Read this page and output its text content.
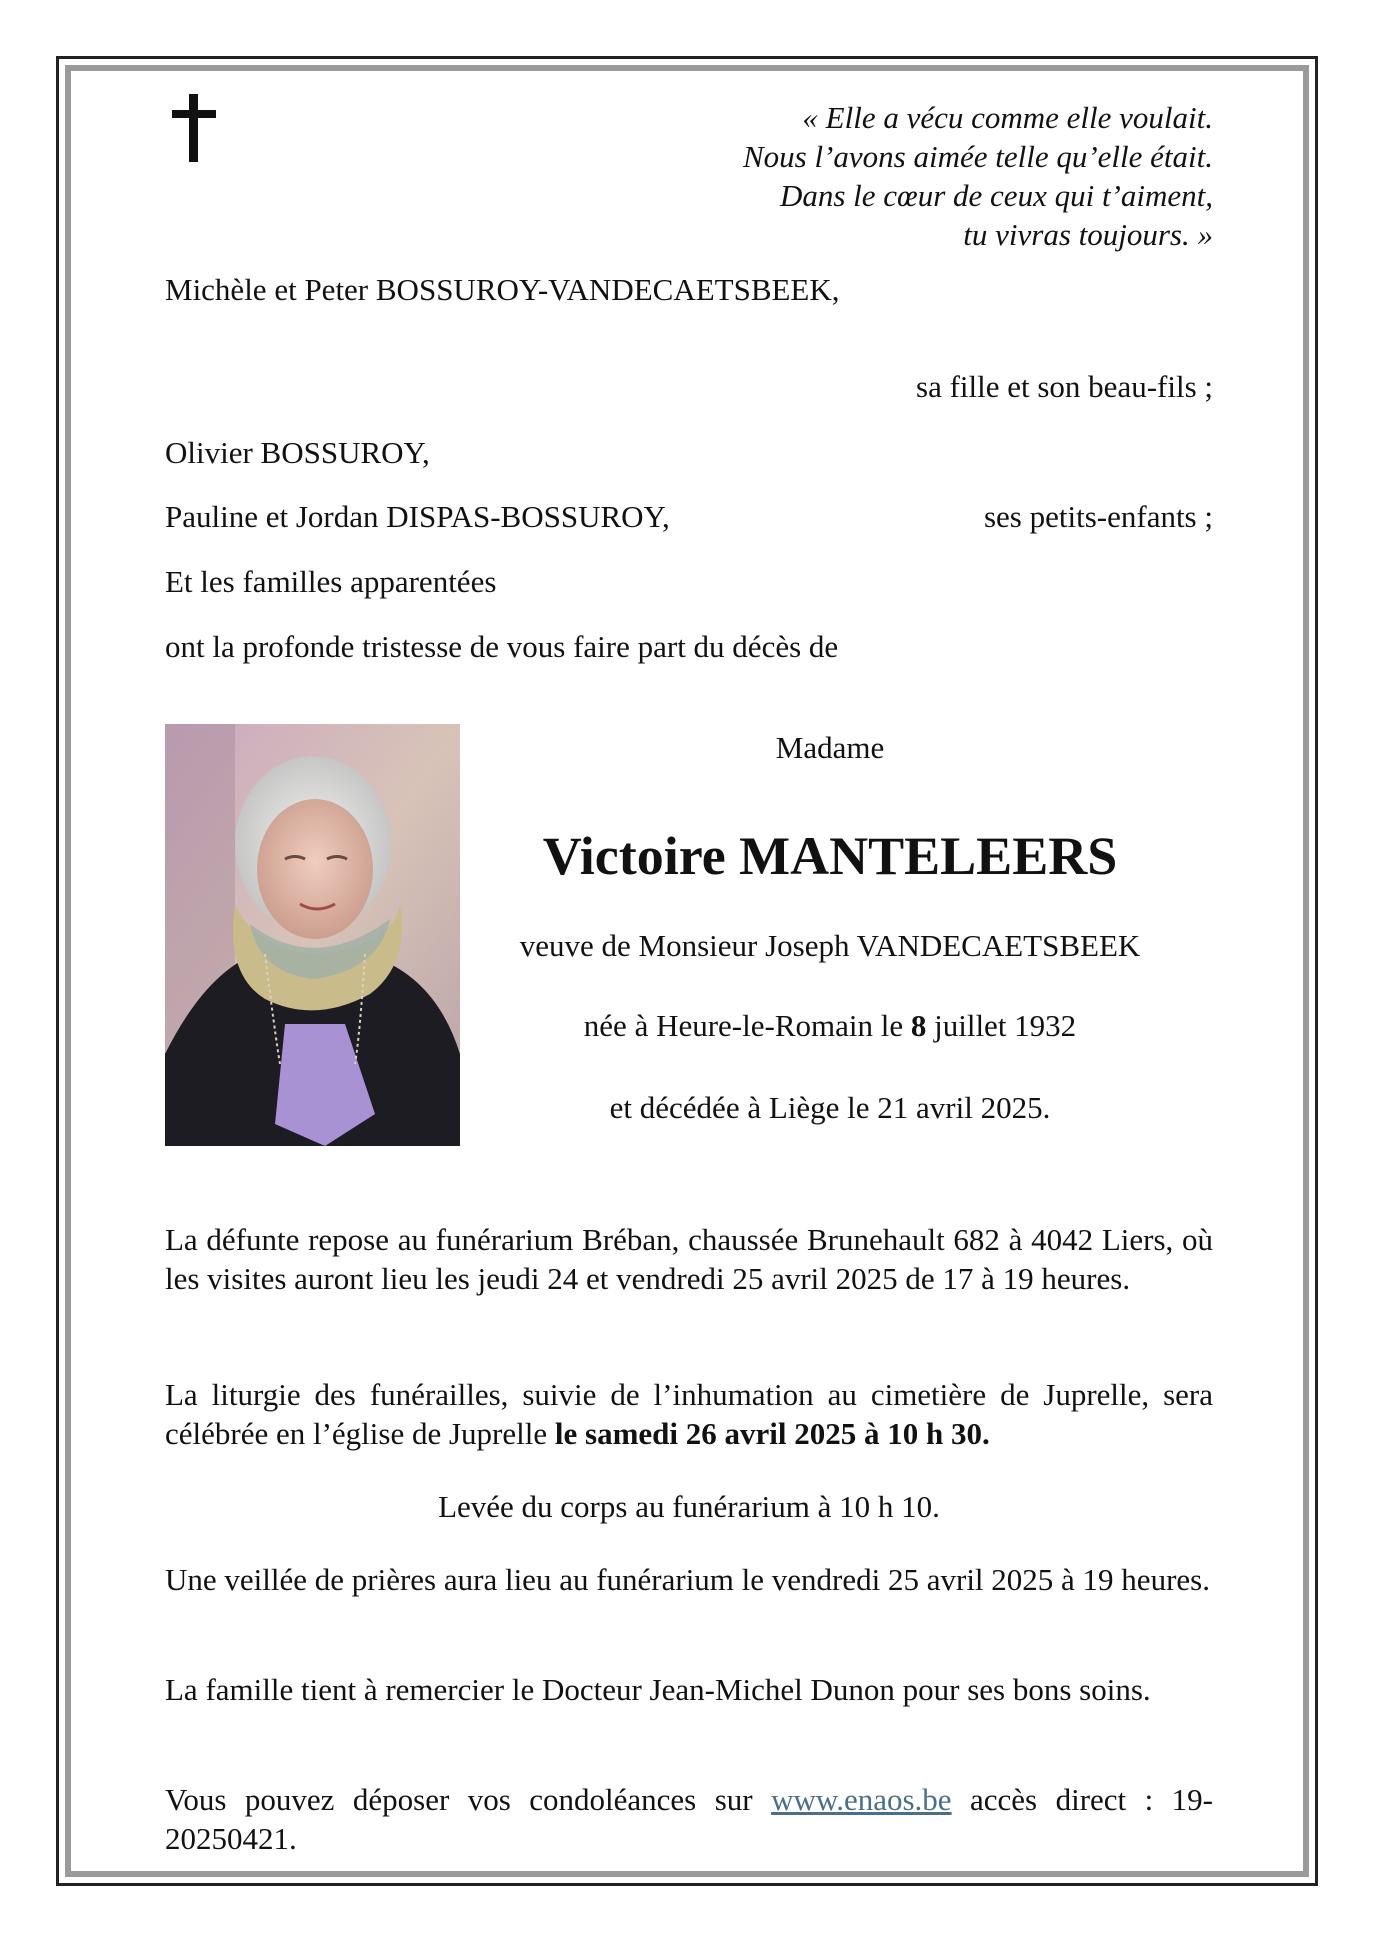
« Elle a vécu comme elle voulait.
Nous l’avons aimée telle qu’elle était.
Dans le cœur de ceux qui t’aiment,
tu vivras toujours. »
Michèle et Peter BOSSUROY-VANDECAETSBEEK,
sa fille et son beau-fils ;
Olivier BOSSUROY,
Pauline et Jordan DISPAS-BOSSUROY,	ses petits-enfants ;
Et les familles apparentées
ont la profonde tristesse de vous faire part du décès de
Madame
Victoire MANTELEERS
veuve de Monsieur Joseph VANDECAETSBEEK
née à Heure-le-Romain le 8 juillet 1932
et décédée à Liège le 21 avril 2025.
La défunte repose au funérarium Bréban, chaussée Brunehault 682 à 4042 Liers, où les visites auront lieu les jeudi 24 et vendredi 25 avril 2025 de 17 à 19 heures.
La liturgie des funérailles, suivie de l’inhumation au cimetière de Juprelle, sera célébrée en l’église de Juprelle le samedi 26 avril 2025 à 10 h 30.
Levée du corps au funérarium à 10 h 10.
Une veillée de prières aura lieu au funérarium le vendredi 25 avril 2025 à 19 heures.
La famille tient à remercier le Docteur Jean-Michel Dunon pour ses bons soins.
Vous pouvez déposer vos condoléances sur www.enaos.be accès direct : 19-20250421.
